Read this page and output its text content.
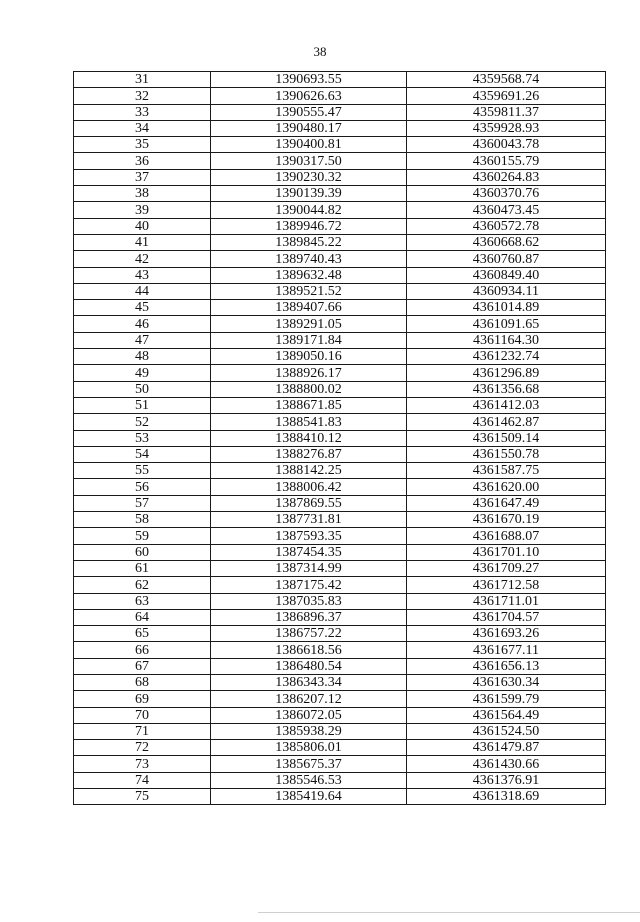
38
31	1390693.55	4359568.74
32	1390626.63	4359691.26
33	1390555.47	4359811.37
34	1390480.17	4359928.93
35	1390400.81	4360043.78
36	1390317.50	4360155.79
37	1390230.32	4360264.83
38	1390139.39	4360370.76
39	1390044.82	4360473.45
40	1389946.72	4360572.78
41	1389845.22	4360668.62
42	1389740.43	4360760.87
43	1389632.48	4360849.40
44	1389521.52	4360934.11
45	1389407.66	4361014.89
46	1389291.05	4361091.65
47	1389171.84	4361164.30
48	1389050.16	4361232.74
49	1388926.17	4361296.89
50	1388800.02	4361356.68
51	1388671.85	4361412.03
52	1388541.83	4361462.87
53	1388410.12	4361509.14
54	1388276.87	4361550.78
55	1388142.25	4361587.75
56	1388006.42	4361620.00
57	1387869.55	4361647.49
58	1387731.81	4361670.19
59	1387593.35	4361688.07
60	1387454.35	4361701.10
61	1387314.99	4361709.27
62	1387175.42	4361712.58
63	1387035.83	4361711.01
64	1386896.37	4361704.57
65	1386757.22	4361693.26
66	1386618.56	4361677.11
67	1386480.54	4361656.13
68	1386343.34	4361630.34
69	1386207.12	4361599.79
70	1386072.05	4361564.49
71	1385938.29	4361524.50
72	1385806.01	4361479.87
73	1385675.37	4361430.66
74	1385546.53	4361376.91
75	1385419.64	4361318.69
